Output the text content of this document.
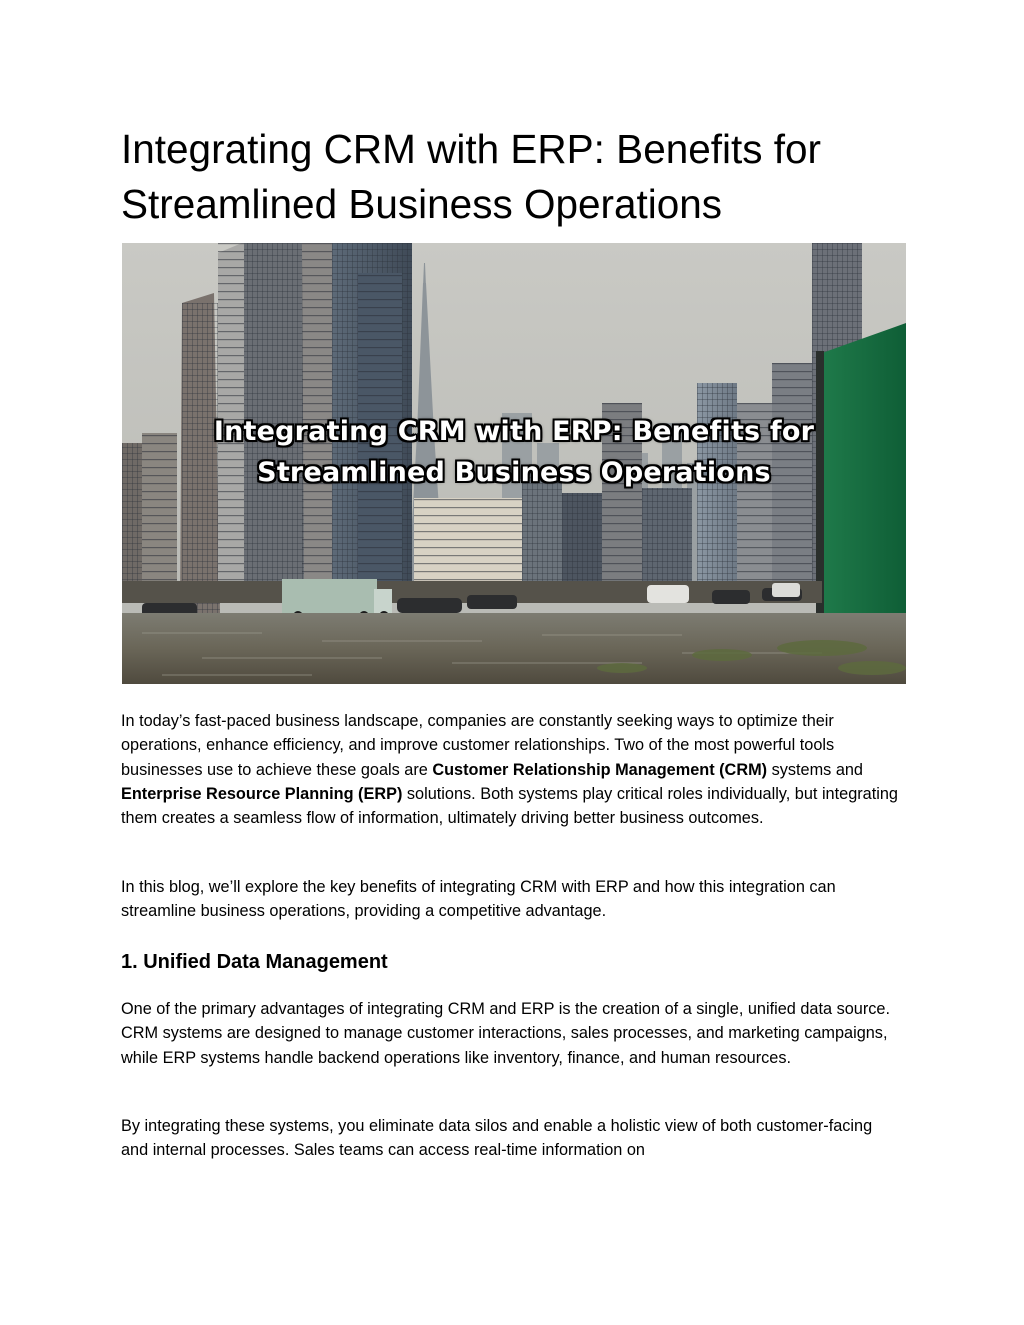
Integrating CRM with ERP: Benefits for Streamlined Business Operations
Integrating CRM with ERP: Benefits for
Streamlined Business Operations

In today’s fast-paced business landscape, companies are constantly seeking ways to optimize their operations, enhance efficiency, and improve customer relationships. Two of the most powerful tools businesses use to achieve these goals are Customer Relationship Management (CRM) systems and Enterprise Resource Planning (ERP) solutions. Both systems play critical roles individually, but integrating them creates a seamless flow of information, ultimately driving better business outcomes.

In this blog, we’ll explore the key benefits of integrating CRM with ERP and how this integration can streamline business operations, providing a competitive advantage.

1. Unified Data Management

One of the primary advantages of integrating CRM and ERP is the creation of a single, unified data source. CRM systems are designed to manage customer interactions, sales processes, and marketing campaigns, while ERP systems handle backend operations like inventory, finance, and human resources.

By integrating these systems, you eliminate data silos and enable a holistic view of both customer-facing and internal processes. Sales teams can access real-time information on
